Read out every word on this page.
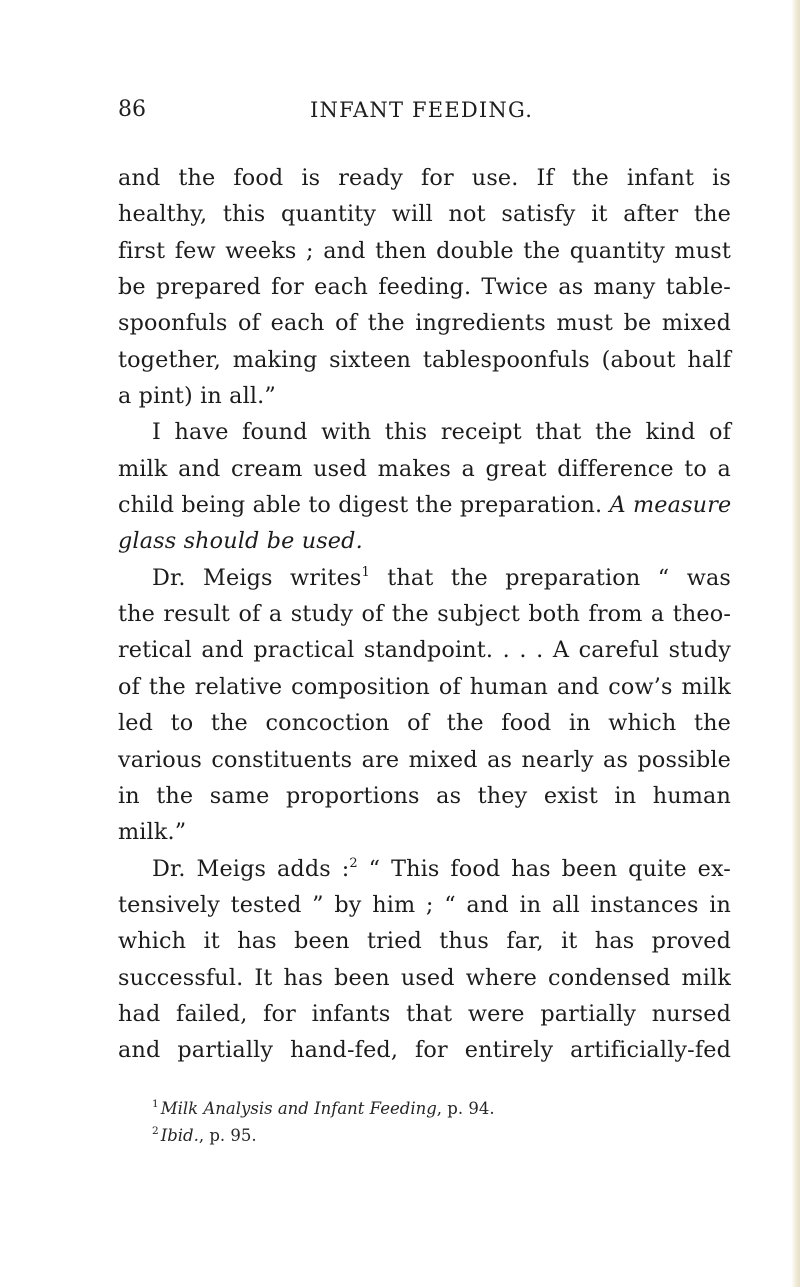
86	INFANT FEEDING.
and the food is ready for use. If the infant is
healthy, this quantity will not satisfy it after the
first few weeks ; and then double the quantity must
be prepared for each feeding. Twice as many table-
spoonfuls of each of the ingredients must be mixed
together, making sixteen tablespoonfuls (about half
a pint) in all.”
I have found with this receipt that the kind of
milk and cream used makes a great difference to a
child being able to digest the preparation. A measure
glass should be used.
Dr. Meigs writes$^1$ that the preparation “ was
the result of a study of the subject both from a theo-
retical and practical standpoint. . . . A careful study
of the relative composition of human and cow’s milk
led to the concoction of the food in which the
various constituents are mixed as nearly as possible
in the same proportions as they exist in human
milk.”
Dr. Meigs adds :$^2$ “ This food has been quite ex-
tensively tested ” by him ; “ and in all instances in
which it has been tried thus far, it has proved
successful. It has been used where condensed milk
had failed, for infants that were partially nursed
and partially hand-fed, for entirely artificially-fed
$^1$ Milk Analysis and Infant Feeding, p. 94.
$^2$ Ibid., p. 95.
